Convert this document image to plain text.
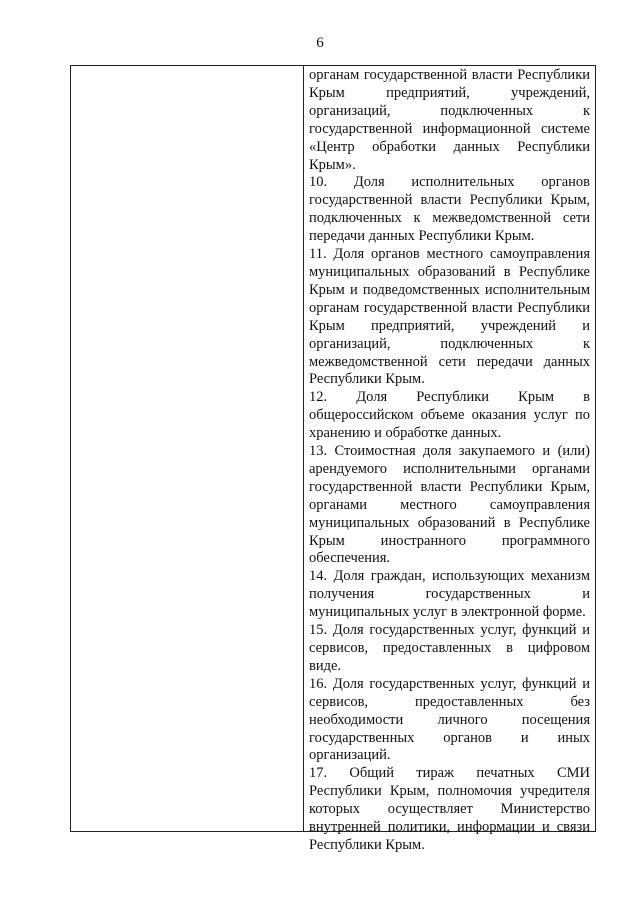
6

органам государственной власти Республики Крым предприятий, учреждений, организаций, подключенных к государственной информационной системе «Центр обработки данных Республики Крым».

10. Доля исполнительных органов государственной власти Республики Крым, подключенных к межведомственной сети передачи данных Республики Крым.

11. Доля органов местного самоуправления муниципальных образований в Республике Крым и подведомственных исполнительным органам государственной власти Республики Крым предприятий, учреждений и организаций, подключенных к межведомственной сети передачи данных Республики Крым.

12. Доля Республики Крым в общероссийском объеме оказания услуг по хранению и обработке данных.

13. Стоимостная доля закупаемого и (или) арендуемого исполнительными органами государственной власти Республики Крым, органами местного самоуправления муниципальных образований в Республике Крым иностранного программного обеспечения.

14. Доля граждан, использующих механизм получения государственных и муниципальных услуг в электронной форме.

15. Доля государственных услуг, функций и сервисов, предоставленных в цифровом виде.

16. Доля государственных услуг, функций и сервисов, предоставленных без необходимости личного посещения государственных органов и иных организаций.

17. Общий тираж печатных СМИ Республики Крым, полномочия учредителя которых осуществляет Министерство внутренней политики, информации и связи Республики Крым.
